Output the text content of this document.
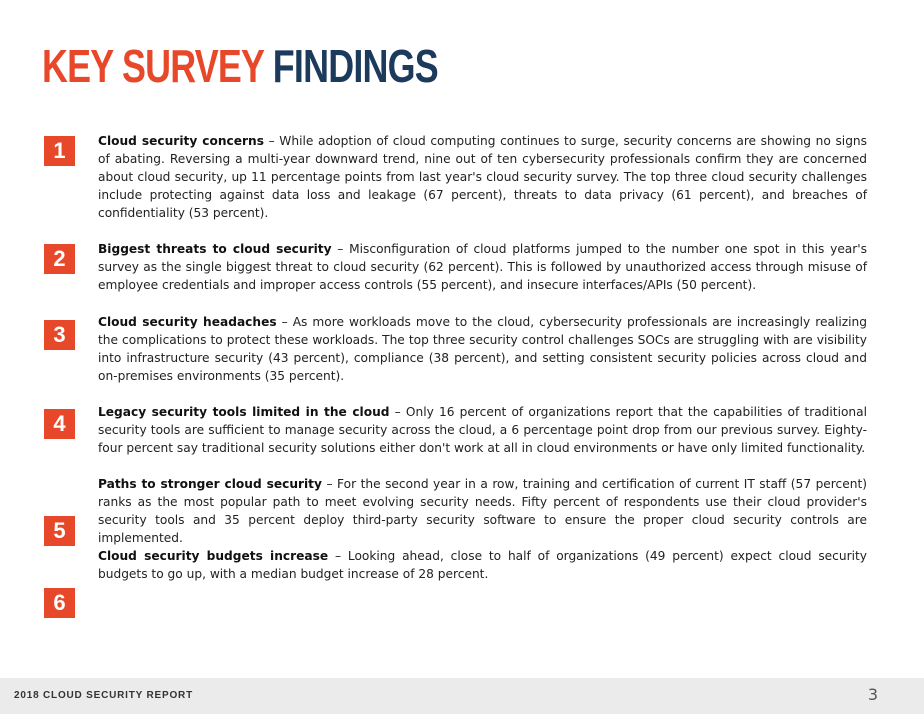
KEY SURVEY FINDINGS
1
2
3
4
5
6

Cloud security concerns – While adoption of cloud computing continues to surge, security concerns are showing no signs of abating. Reversing a multi-year downward trend, nine out of ten cybersecurity professionals confirm they are concerned about cloud security, up 11 percentage points from last year's cloud security survey. The top three cloud security challenges include protecting against data loss and leakage (67 percent), threats to data privacy (61 percent), and breaches of confidentiality (53 percent).

Biggest threats to cloud security – Misconfiguration of cloud platforms jumped to the number one spot in this year's survey as the single biggest threat to cloud security (62 percent). This is followed by unauthorized access through misuse of employee credentials and improper access controls (55 percent), and insecure interfaces/APIs (50 percent).

Cloud security headaches – As more workloads move to the cloud, cybersecurity professionals are increasingly realizing the complications to protect these workloads. The top three security control challenges SOCs are struggling with are visibility into infrastructure security (43 percent), compliance (38 percent), and setting consistent security policies across cloud and on-premises environments (35 percent).

Legacy security tools limited in the cloud – Only 16 percent of organizations report that the capabilities of traditional security tools are sufficient to manage security across the cloud, a 6 percentage point drop from our previous survey. Eighty-four percent say traditional security solutions either don't work at all in cloud environments or have only limited functionality.

Paths to stronger cloud security – For the second year in a row, training and certification of current IT staff (57 percent) ranks as the most popular path to meet evolving security needs. Fifty percent of respondents use their cloud provider's security tools and 35 percent deploy third-party security software to ensure the proper cloud security controls are implemented.

Cloud security budgets increase – Looking ahead, close to half of organizations (49 percent) expect cloud security budgets to go up, with a median budget increase of 28 percent.

2018 CLOUD SECURITY REPORT	3
